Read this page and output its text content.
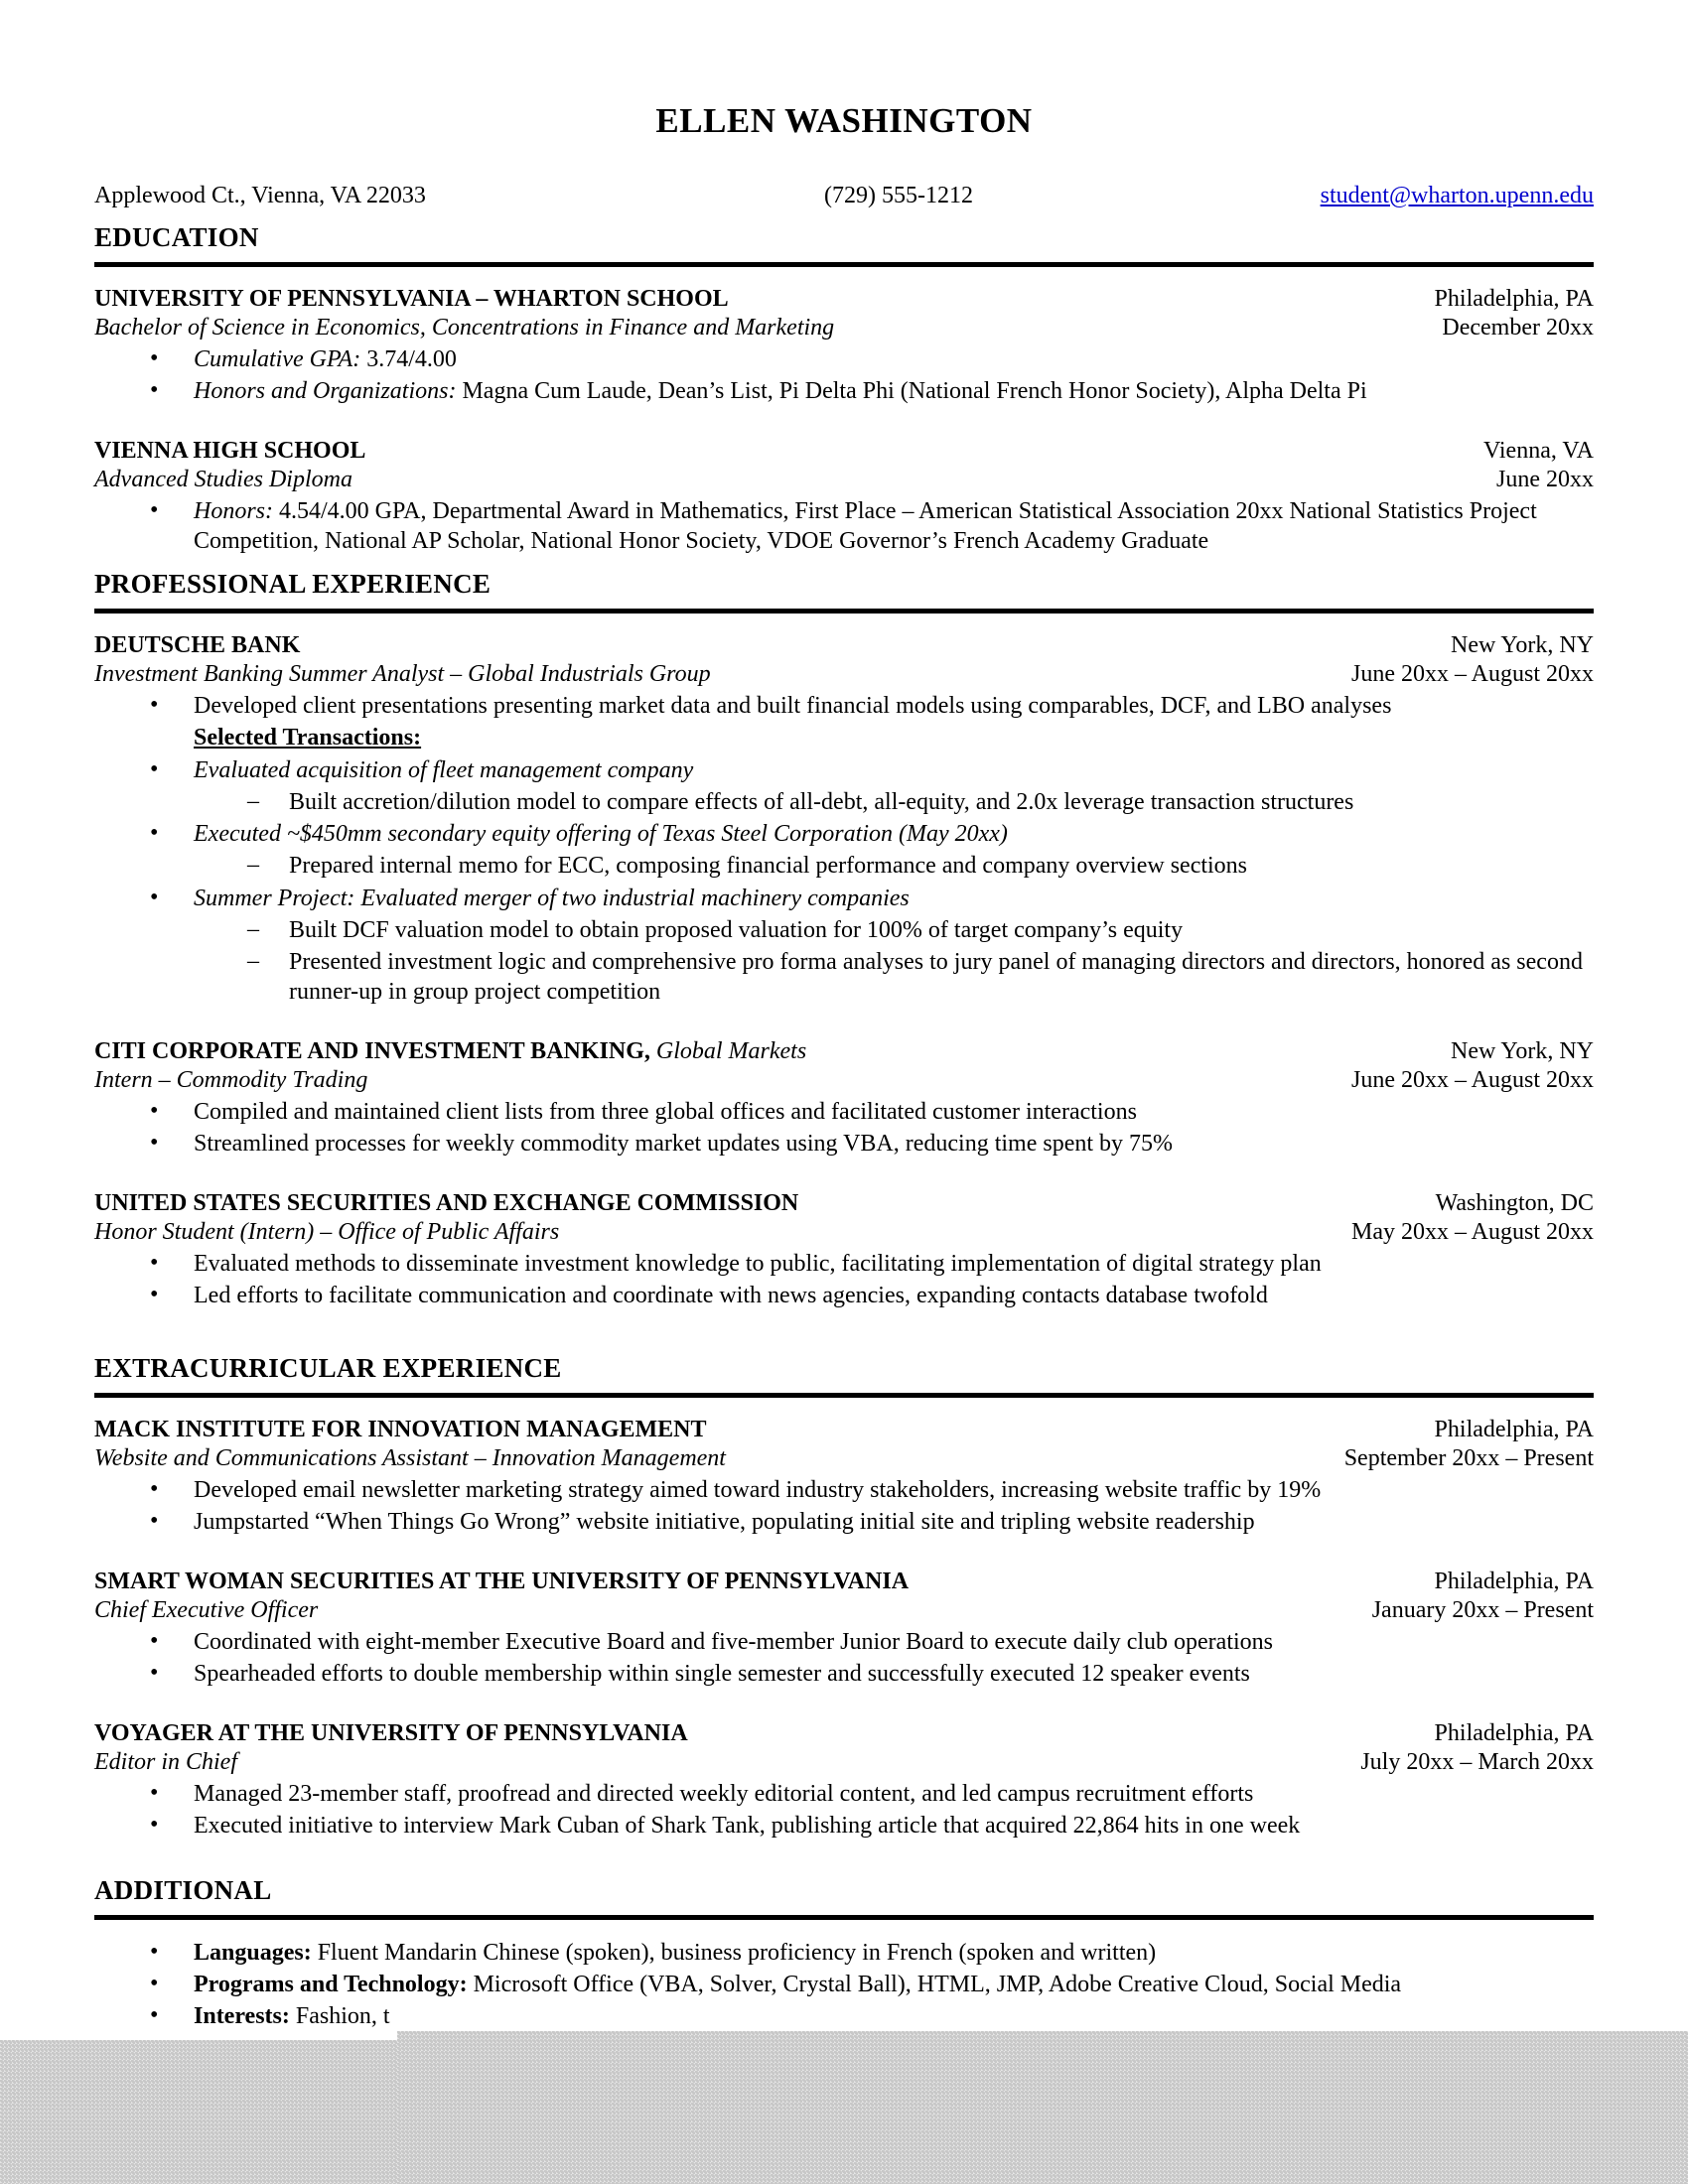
ELLEN WASHINGTON
Applewood Ct., Vienna, VA 22033	(729) 555-1212	student@wharton.upenn.edu
EDUCATION
UNIVERSITY OF PENNSYLVANIA – WHARTON SCHOOL
Bachelor of Science in Economics, Concentrations in Finance and Marketing
Philadelphia, PA
December 20xx
• Cumulative GPA: 3.74/4.00
• Honors and Organizations: Magna Cum Laude, Dean’s List, Pi Delta Phi (National French Honor Society), Alpha Delta Pi
VIENNA HIGH SCHOOL
Advanced Studies Diploma
Vienna, VA
June 20xx
• Honors: 4.54/4.00 GPA, Departmental Award in Mathematics, First Place – American Statistical Association 20xx National Statistics Project Competition, National AP Scholar, National Honor Society, VDOE Governor’s French Academy Graduate
PROFESSIONAL EXPERIENCE
DEUTSCHE BANK
Investment Banking Summer Analyst – Global Industrials Group
New York, NY
June 20xx – August 20xx
• Developed client presentations presenting market data and built financial models using comparables, DCF, and LBO analyses
Selected Transactions:
• Evaluated acquisition of fleet management company
– Built accretion/dilution model to compare effects of all-debt, all-equity, and 2.0x leverage transaction structures
• Executed ~$450mm secondary equity offering of Texas Steel Corporation (May 20xx)
– Prepared internal memo for ECC, composing financial performance and company overview sections
• Summer Project: Evaluated merger of two industrial machinery companies
– Built DCF valuation model to obtain proposed valuation for 100% of target company’s equity
– Presented investment logic and comprehensive pro forma analyses to jury panel of managing directors and directors, honored as second runner-up in group project competition
CITI CORPORATE AND INVESTMENT BANKING, Global Markets
Intern – Commodity Trading
New York, NY
June 20xx – August 20xx
• Compiled and maintained client lists from three global offices and facilitated customer interactions
• Streamlined processes for weekly commodity market updates using VBA, reducing time spent by 75%
UNITED STATES SECURITIES AND EXCHANGE COMMISSION
Honor Student (Intern) – Office of Public Affairs
Washington, DC
May 20xx – August 20xx
• Evaluated methods to disseminate investment knowledge to public, facilitating implementation of digital strategy plan
• Led efforts to facilitate communication and coordinate with news agencies, expanding contacts database twofold
EXTRACURRICULAR EXPERIENCE
MACK INSTITUTE FOR INNOVATION MANAGEMENT
Website and Communications Assistant – Innovation Management
Philadelphia, PA
September 20xx – Present
• Developed email newsletter marketing strategy aimed toward industry stakeholders, increasing website traffic by 19%
• Jumpstarted “When Things Go Wrong” website initiative, populating initial site and tripling website readership
SMART WOMAN SECURITIES AT THE UNIVERSITY OF PENNSYLVANIA
Chief Executive Officer
Philadelphia, PA
January 20xx – Present
• Coordinated with eight-member Executive Board and five-member Junior Board to execute daily club operations
• Spearheaded efforts to double membership within single semester and successfully executed 12 speaker events
VOYAGER AT THE UNIVERSITY OF PENNSYLVANIA
Editor in Chief
Philadelphia, PA
July 20xx – March 20xx
• Managed 23-member staff, proofread and directed weekly editorial content, and led campus recruitment efforts
• Executed initiative to interview Mark Cuban of Shark Tank, publishing article that acquired 22,864 hits in one week
ADDITIONAL
• Languages: Fluent Mandarin Chinese (spoken), business proficiency in French (spoken and written)
• Programs and Technology: Microsoft Office (VBA, Solver, Crystal Ball), HTML, JMP, Adobe Creative Cloud, Social Media
• Interests: Fashion, t
